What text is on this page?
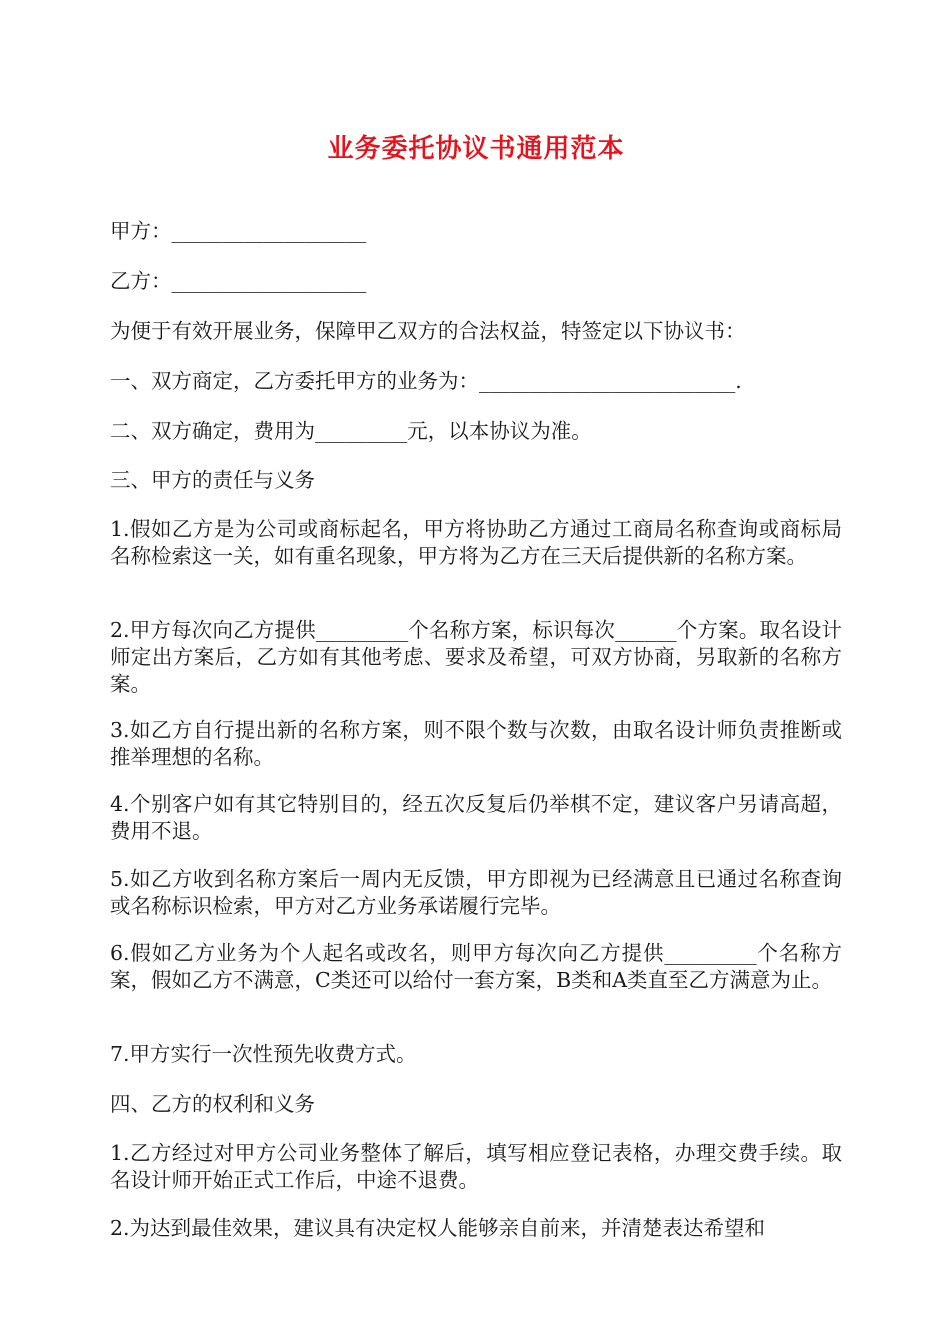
业务委托协议书通用范本

甲方：___________________

乙方：___________________

为便于有效开展业务，保障甲乙双方的合法权益，特签定以下协议书：

一、双方商定，乙方委托甲方的业务为：_________________________.

二、双方确定，费用为_________元，以本协议为准。

三、甲方的责任与义务

1.假如乙方是为公司或商标起名，甲方将协助乙方通过工商局名称查询或商标局名称检索这一关，如有重名现象，甲方将为乙方在三天后提供新的名称方案。

2.甲方每次向乙方提供_________个名称方案，标识每次______个方案。取名设计师定出方案后，乙方如有其他考虑、要求及希望，可双方协商，另取新的名称方案。

3.如乙方自行提出新的名称方案，则不限个数与次数，由取名设计师负责推断或推举理想的名称。

4.个别客户如有其它特别目的，经五次反复后仍举棋不定，建议客户另请高超，费用不退。

5.如乙方收到名称方案后一周内无反馈，甲方即视为已经满意且已通过名称查询或名称标识检索，甲方对乙方业务承诺履行完毕。

6.假如乙方业务为个人起名或改名，则甲方每次向乙方提供_________个名称方案，假如乙方不满意，C类还可以给付一套方案，B类和A类直至乙方满意为止。

7.甲方实行一次性预先收费方式。

四、乙方的权利和义务

1.乙方经过对甲方公司业务整体了解后，填写相应登记表格，办理交费手续。取名设计师开始正式工作后，中途不退费。

2.为达到最佳效果，建议具有决定权人能够亲自前来，并清楚表达希望和
